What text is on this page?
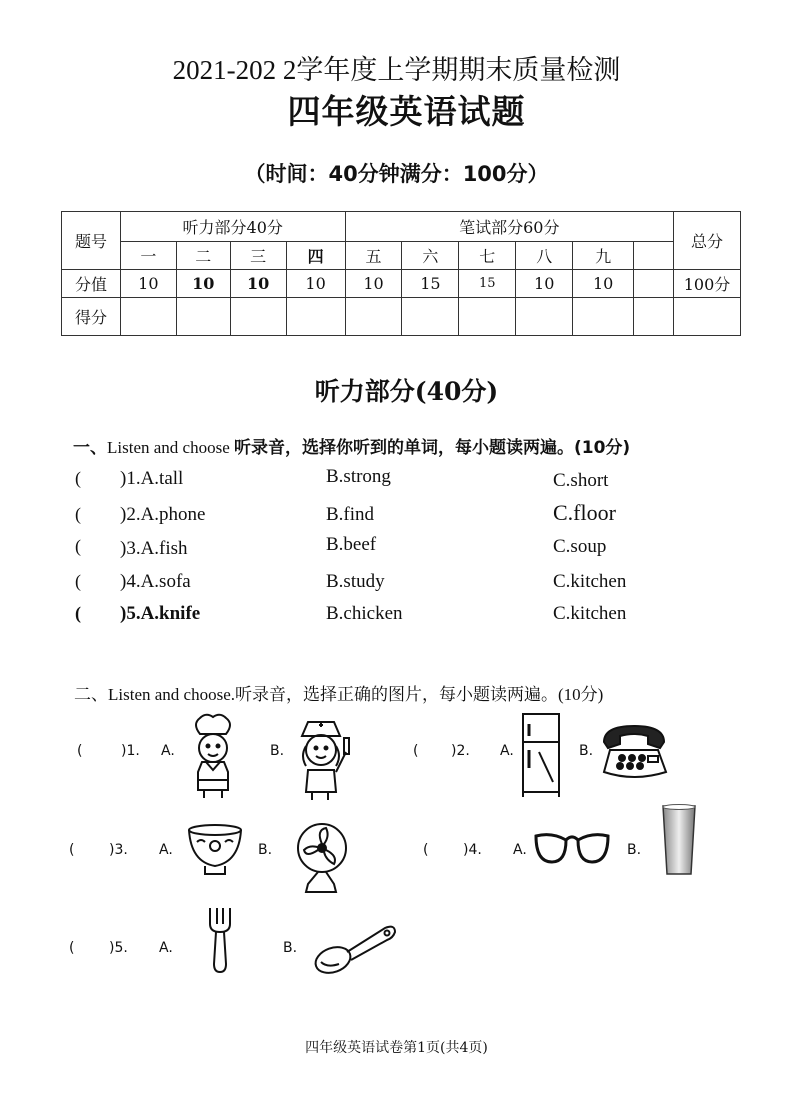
2021-202 2学年度上学期期末质量检测
四年级英语试题
（时间：40分钟满分：100分）
题号	听力部分40分				笔试部分60分						总分
	一	二	三	四	五	六	七	八	九		
分值	10	10	10	10	10	15	15	10	10		100分
得分											
听力部分(40分)
一、Listen and choose 听录音，选择你听到的单词，每小题读两遍。(10分)
( )1.A.tall	B.strong	C.short
( )2.A.phone	B.find	C.floor
( )3.A.fish	B.beef	C.soup
( )4.A.sofa	B.study	C.kitchen
( )5.A.knife	B.chicken	C.kitchen
二、Listen and choose.听录音，选择正确的图片，每小题读两遍。(10分)
(	)1. A.	B.	( )2. A.	B.
( )3. A.	B.	( )4. A.	B.
( )5. A.	B.
四年级英语试卷第1页(共4页)
